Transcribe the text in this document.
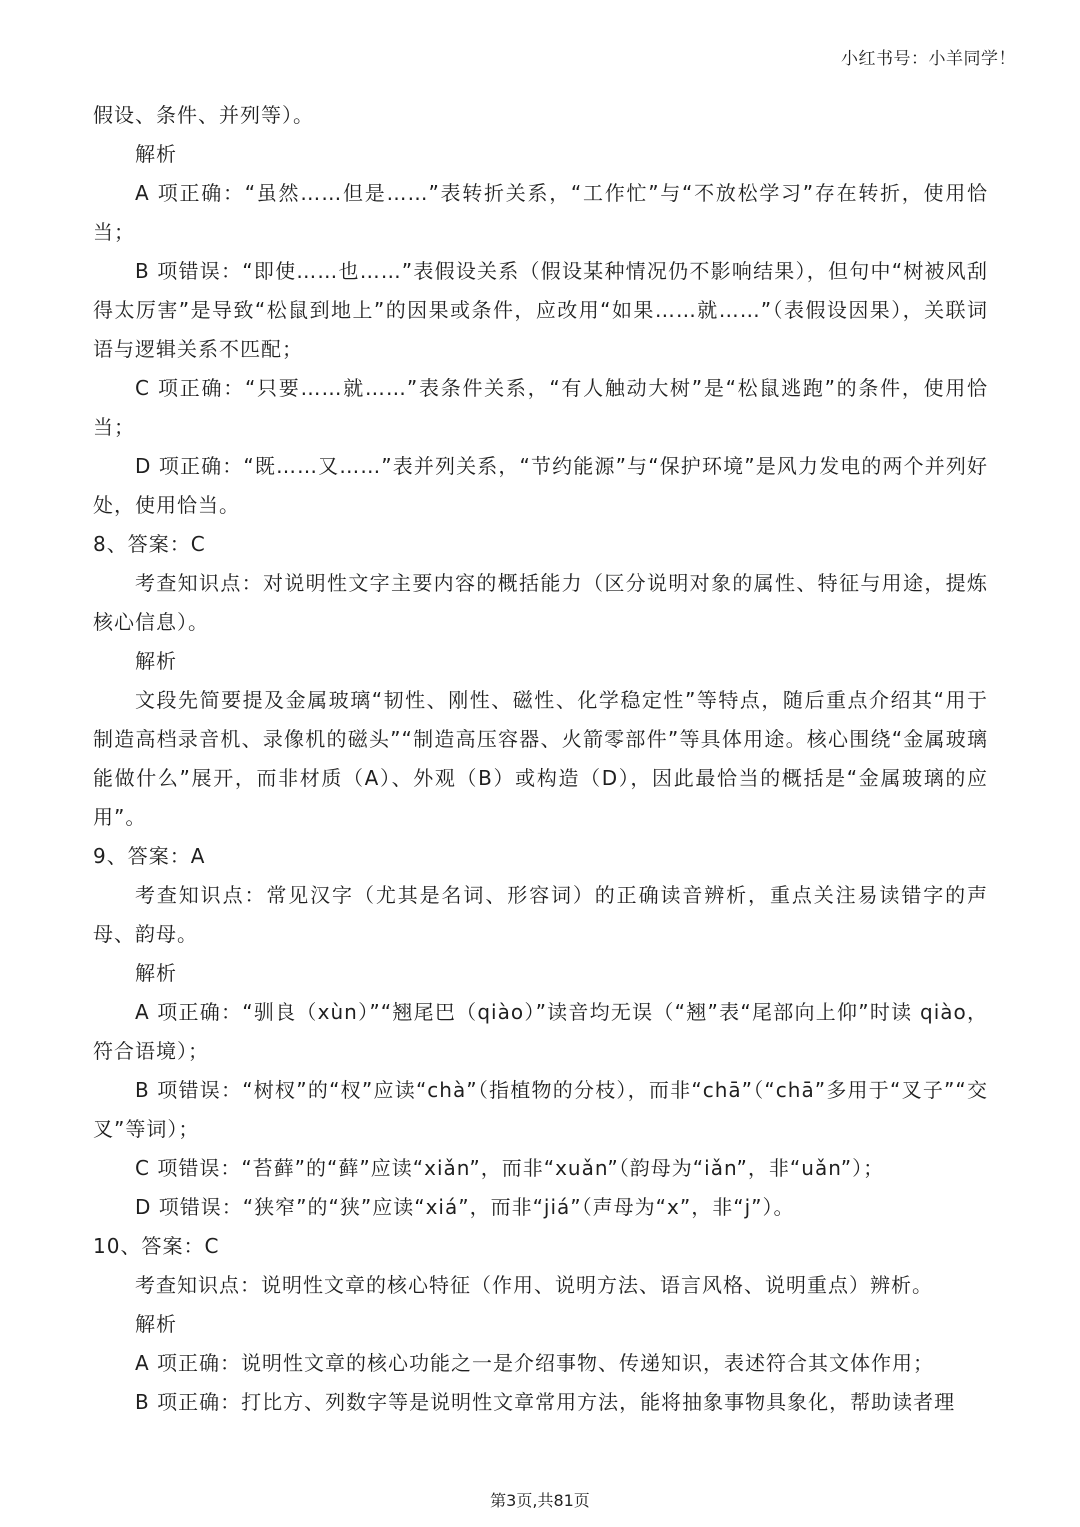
小红书号：小羊同学！

假设、条件、并列等）。

解析

A 项正确：“虽然……但是……”表转折关系，“工作忙”与“不放松学习”存在转折，使用恰当；

B 项错误：“即使……也……”表假设关系（假设某种情况仍不影响结果），但句中“树被风刮得太厉害”是导致“松鼠到地上”的因果或条件，应改用“如果……就……”（表假设因果），关联词语与逻辑关系不匹配；

C 项正确：“只要……就……”表条件关系，“有人触动大树”是“松鼠逃跑”的条件，使用恰当；

D 项正确：“既……又……”表并列关系，“节约能源”与“保护环境”是风力发电的两个并列好处，使用恰当。

8、答案：C

考查知识点：对说明性文字主要内容的概括能力（区分说明对象的属性、特征与用途，提炼核心信息）。

解析

文段先简要提及金属玻璃“韧性、刚性、磁性、化学稳定性”等特点，随后重点介绍其“用于制造高档录音机、录像机的磁头”“制造高压容器、火箭零部件”等具体用途。核心围绕“金属玻璃能做什么”展开，而非材质（A）、外观（B）或构造（D），因此最恰当的概括是“金属玻璃的应用”。

9、答案：A

考查知识点：常见汉字（尤其是名词、形容词）的正确读音辨析，重点关注易读错字的声母、韵母。

解析

A 项正确：“驯良（xùn）”“翘尾巴（qiào）”读音均无误（“翘”表“尾部向上仰”时读 qiào，符合语境）；

B 项错误：“树杈”的“杈”应读“chà”（指植物的分枝），而非“chā”（“chā”多用于“叉子”“交叉”等词）；

C 项错误：“苔藓”的“藓”应读“xiǎn”，而非“xuǎn”（韵母为“iǎn”，非“uǎn”）；

D 项错误：“狭窄”的“狭”应读“xiá”，而非“jiá”（声母为“x”，非“j”）。

10、答案：C

考查知识点：说明性文章的核心特征（作用、说明方法、语言风格、说明重点）辨析。

解析

A 项正确：说明性文章的核心功能之一是介绍事物、传递知识，表述符合其文体作用；

B 项正确：打比方、列数字等是说明性文章常用方法，能将抽象事物具象化，帮助读者理

第3页,共81页
